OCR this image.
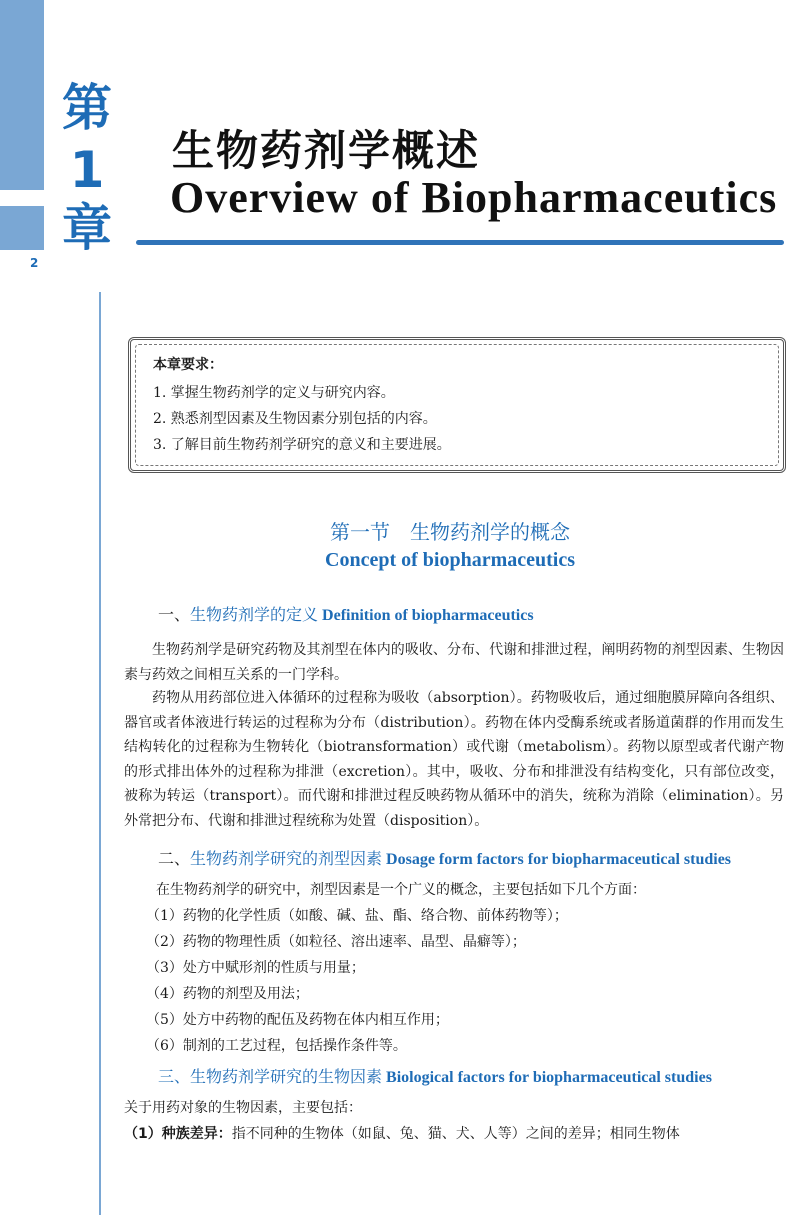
第
1
章
2
生物药剂学概述
Overview of Biopharmaceutics
本章要求：
1. 掌握生物药剂学的定义与研究内容。
2. 熟悉剂型因素及生物因素分别包括的内容。
3. 了解目前生物药剂学研究的意义和主要进展。
第一节　生物药剂学的概念
Concept of biopharmaceutics
一、生物药剂学的定义 Definition of biopharmaceutics
生物药剂学是研究药物及其剂型在体内的吸收、分布、代谢和排泄过程，阐明药物的剂型因素、生物因素与药效之间相互关系的一门学科。
药物从用药部位进入体循环的过程称为吸收（absorption）。药物吸收后，通过细胞膜屏障向各组织、器官或者体液进行转运的过程称为分布（distribution）。药物在体内受酶系统或者肠道菌群的作用而发生结构转化的过程称为生物转化（biotransformation）或代谢（metabolism）。药物以原型或者代谢产物的形式排出体外的过程称为排泄（excretion）。其中，吸收、分布和排泄没有结构变化，只有部位改变，被称为转运（transport）。而代谢和排泄过程反映药物从循环中的消失，统称为消除（elimination）。另外常把分布、代谢和排泄过程统称为处置（disposition）。
二、生物药剂学研究的剂型因素 Dosage form factors for biopharmaceutical studies
在生物药剂学的研究中，剂型因素是一个广义的概念，主要包括如下几个方面：
（1）药物的化学性质（如酸、碱、盐、酯、络合物、前体药物等）；
（2）药物的物理性质（如粒径、溶出速率、晶型、晶癖等）；
（3）处方中赋形剂的性质与用量；
（4）药物的剂型及用法；
（5）处方中药物的配伍及药物在体内相互作用；
（6）制剂的工艺过程，包括操作条件等。
三、生物药剂学研究的生物因素 Biological factors for biopharmaceutical studies
关于用药对象的生物因素，主要包括：
（1）种族差异：指不同种的生物体（如鼠、兔、猫、犬、人等）之间的差异；相同生物体
